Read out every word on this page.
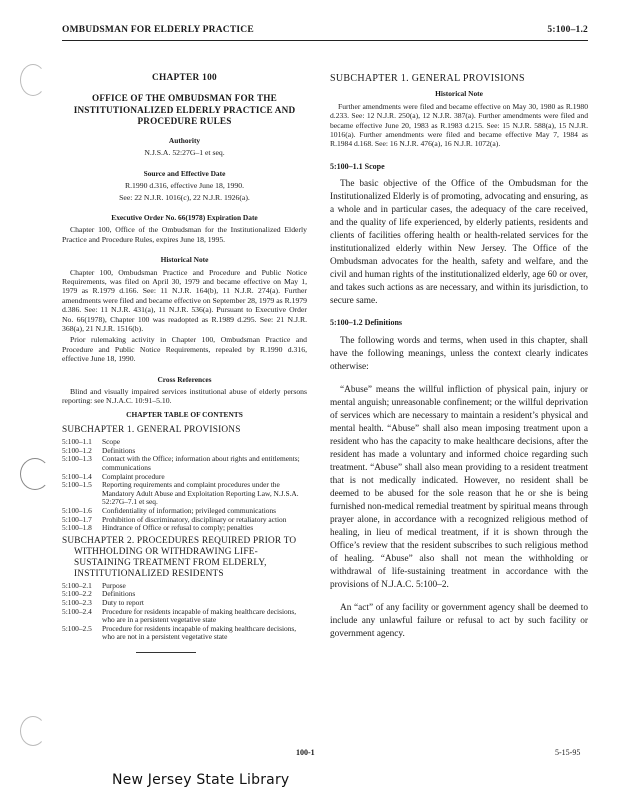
OMBUDSMAN FOR ELDERLY PRACTICE	5:100–1.2
CHAPTER 100
OFFICE OF THE OMBUDSMAN FOR THE INSTITUTIONALIZED ELDERLY PRACTICE AND PROCEDURE RULES
Authority
N.J.S.A. 52:27G–1 et seq.
Source and Effective Date
R.1990 d.316, effective June 18, 1990.
See: 22 N.J.R. 1016(c), 22 N.J.R. 1926(a).
Executive Order No. 66(1978) Expiration Date
Chapter 100, Office of the Ombudsman for the Institutionalized Elderly Practice and Procedure Rules, expires June 18, 1995.
Historical Note
Chapter 100, Ombudsman Practice and Procedure and Public Notice Requirements, was filed on April 30, 1979 and became effective on May 1, 1979 as R.1979 d.166. See: 11 N.J.R. 164(b), 11 N.J.R. 274(a). Further amendments were filed and became effective on September 28, 1979 as R.1979 d.386. See: 11 N.J.R. 431(a), 11 N.J.R. 536(a). Pursuant to Executive Order No. 66(1978), Chapter 100 was readopted as R.1989 d.295. See: 21 N.J.R. 368(a), 21 N.J.R. 1516(b).
Prior rulemaking activity in Chapter 100, Ombudsman Practice and Procedure and Public Notice Requirements, repealed by R.1990 d.316, effective June 18, 1990.
Cross References
Blind and visually impaired services institutional abuse of elderly persons reporting: see N.J.A.C. 10:91–5.10.
CHAPTER TABLE OF CONTENTS
SUBCHAPTER 1. GENERAL PROVISIONS
5:100–1.1	Scope
5:100–1.2	Definitions
5:100–1.3	Contact with the Office; information about rights and entitlements; communications
5:100–1.4	Complaint procedure
5:100–1.5	Reporting requirements and complaint procedures under the Mandatory Adult Abuse and Exploitation Reporting Law, N.J.S.A. 52:27G–7.1 et seq.
5:100–1.6	Confidentiality of information; privileged communications
5:100–1.7	Prohibition of discriminatory, disciplinary or retaliatory action
5:100–1.8	Hindrance of Office or refusal to comply; penalties
SUBCHAPTER 2. PROCEDURES REQUIRED PRIOR TO WITHHOLDING OR WITHDRAWING LIFE-SUSTAINING TREATMENT FROM ELDERLY, INSTITUTIONALIZED RESIDENTS
5:100–2.1	Purpose
5:100–2.2	Definitions
5:100–2.3	Duty to report
5:100–2.4	Procedure for residents incapable of making healthcare decisions, who are in a persistent vegetative state
5:100–2.5	Procedure for residents incapable of making healthcare decisions, who are not in a persistent vegetative state
SUBCHAPTER 1. GENERAL PROVISIONS
Historical Note
Further amendments were filed and became effective on May 30, 1980 as R.1980 d.233. See: 12 N.J.R. 250(a), 12 N.J.R. 387(a). Further amendments were filed and became effective June 20, 1983 as R.1983 d.215. See: 15 N.J.R. 588(a), 15 N.J.R. 1016(a). Further amendments were filed and became effective May 7, 1984 as R.1984 d.168. See: 16 N.J.R. 476(a), 16 N.J.R. 1072(a).
5:100–1.1 Scope
The basic objective of the Office of the Ombudsman for the Institutionalized Elderly is of promoting, advocating and ensuring, as a whole and in particular cases, the adequacy of the care received, and the quality of life experienced, by elderly patients, residents and clients of facilities offering health or health-related services for the institutionalized elderly within New Jersey. The Office of the Ombudsman advocates for the health, safety and welfare, and the civil and human rights of the institutionalized elderly, age 60 or over, and takes such actions as are necessary, and within its jurisdiction, to secure same.
5:100–1.2 Definitions
The following words and terms, when used in this chapter, shall have the following meanings, unless the context clearly indicates otherwise:
“Abuse” means the willful infliction of physical pain, injury or mental anguish; unreasonable confinement; or the willful deprivation of services which are necessary to maintain a resident’s physical and mental health. “Abuse” shall also mean imposing treatment upon a resident who has the capacity to make healthcare decisions, after the resident has made a voluntary and informed choice regarding such treatment. “Abuse” shall also mean providing to a resident treatment that is not medically indicated. However, no resident shall be deemed to be abused for the sole reason that he or she is being furnished non-medical remedial treatment by spiritual means through prayer alone, in accordance with a recognized religious method of healing, in lieu of medical treatment, if it is shown through the Office’s review that the resident subscribes to such religious method of healing. “Abuse” also shall not mean the withholding or withdrawal of life-sustaining treatment in accordance with the provisions of N.J.A.C. 5:100–2.
An “act” of any facility or government agency shall be deemed to include any unlawful failure or refusal to act by such facility or government agency.
100-1	5-15-95
New Jersey State Library
